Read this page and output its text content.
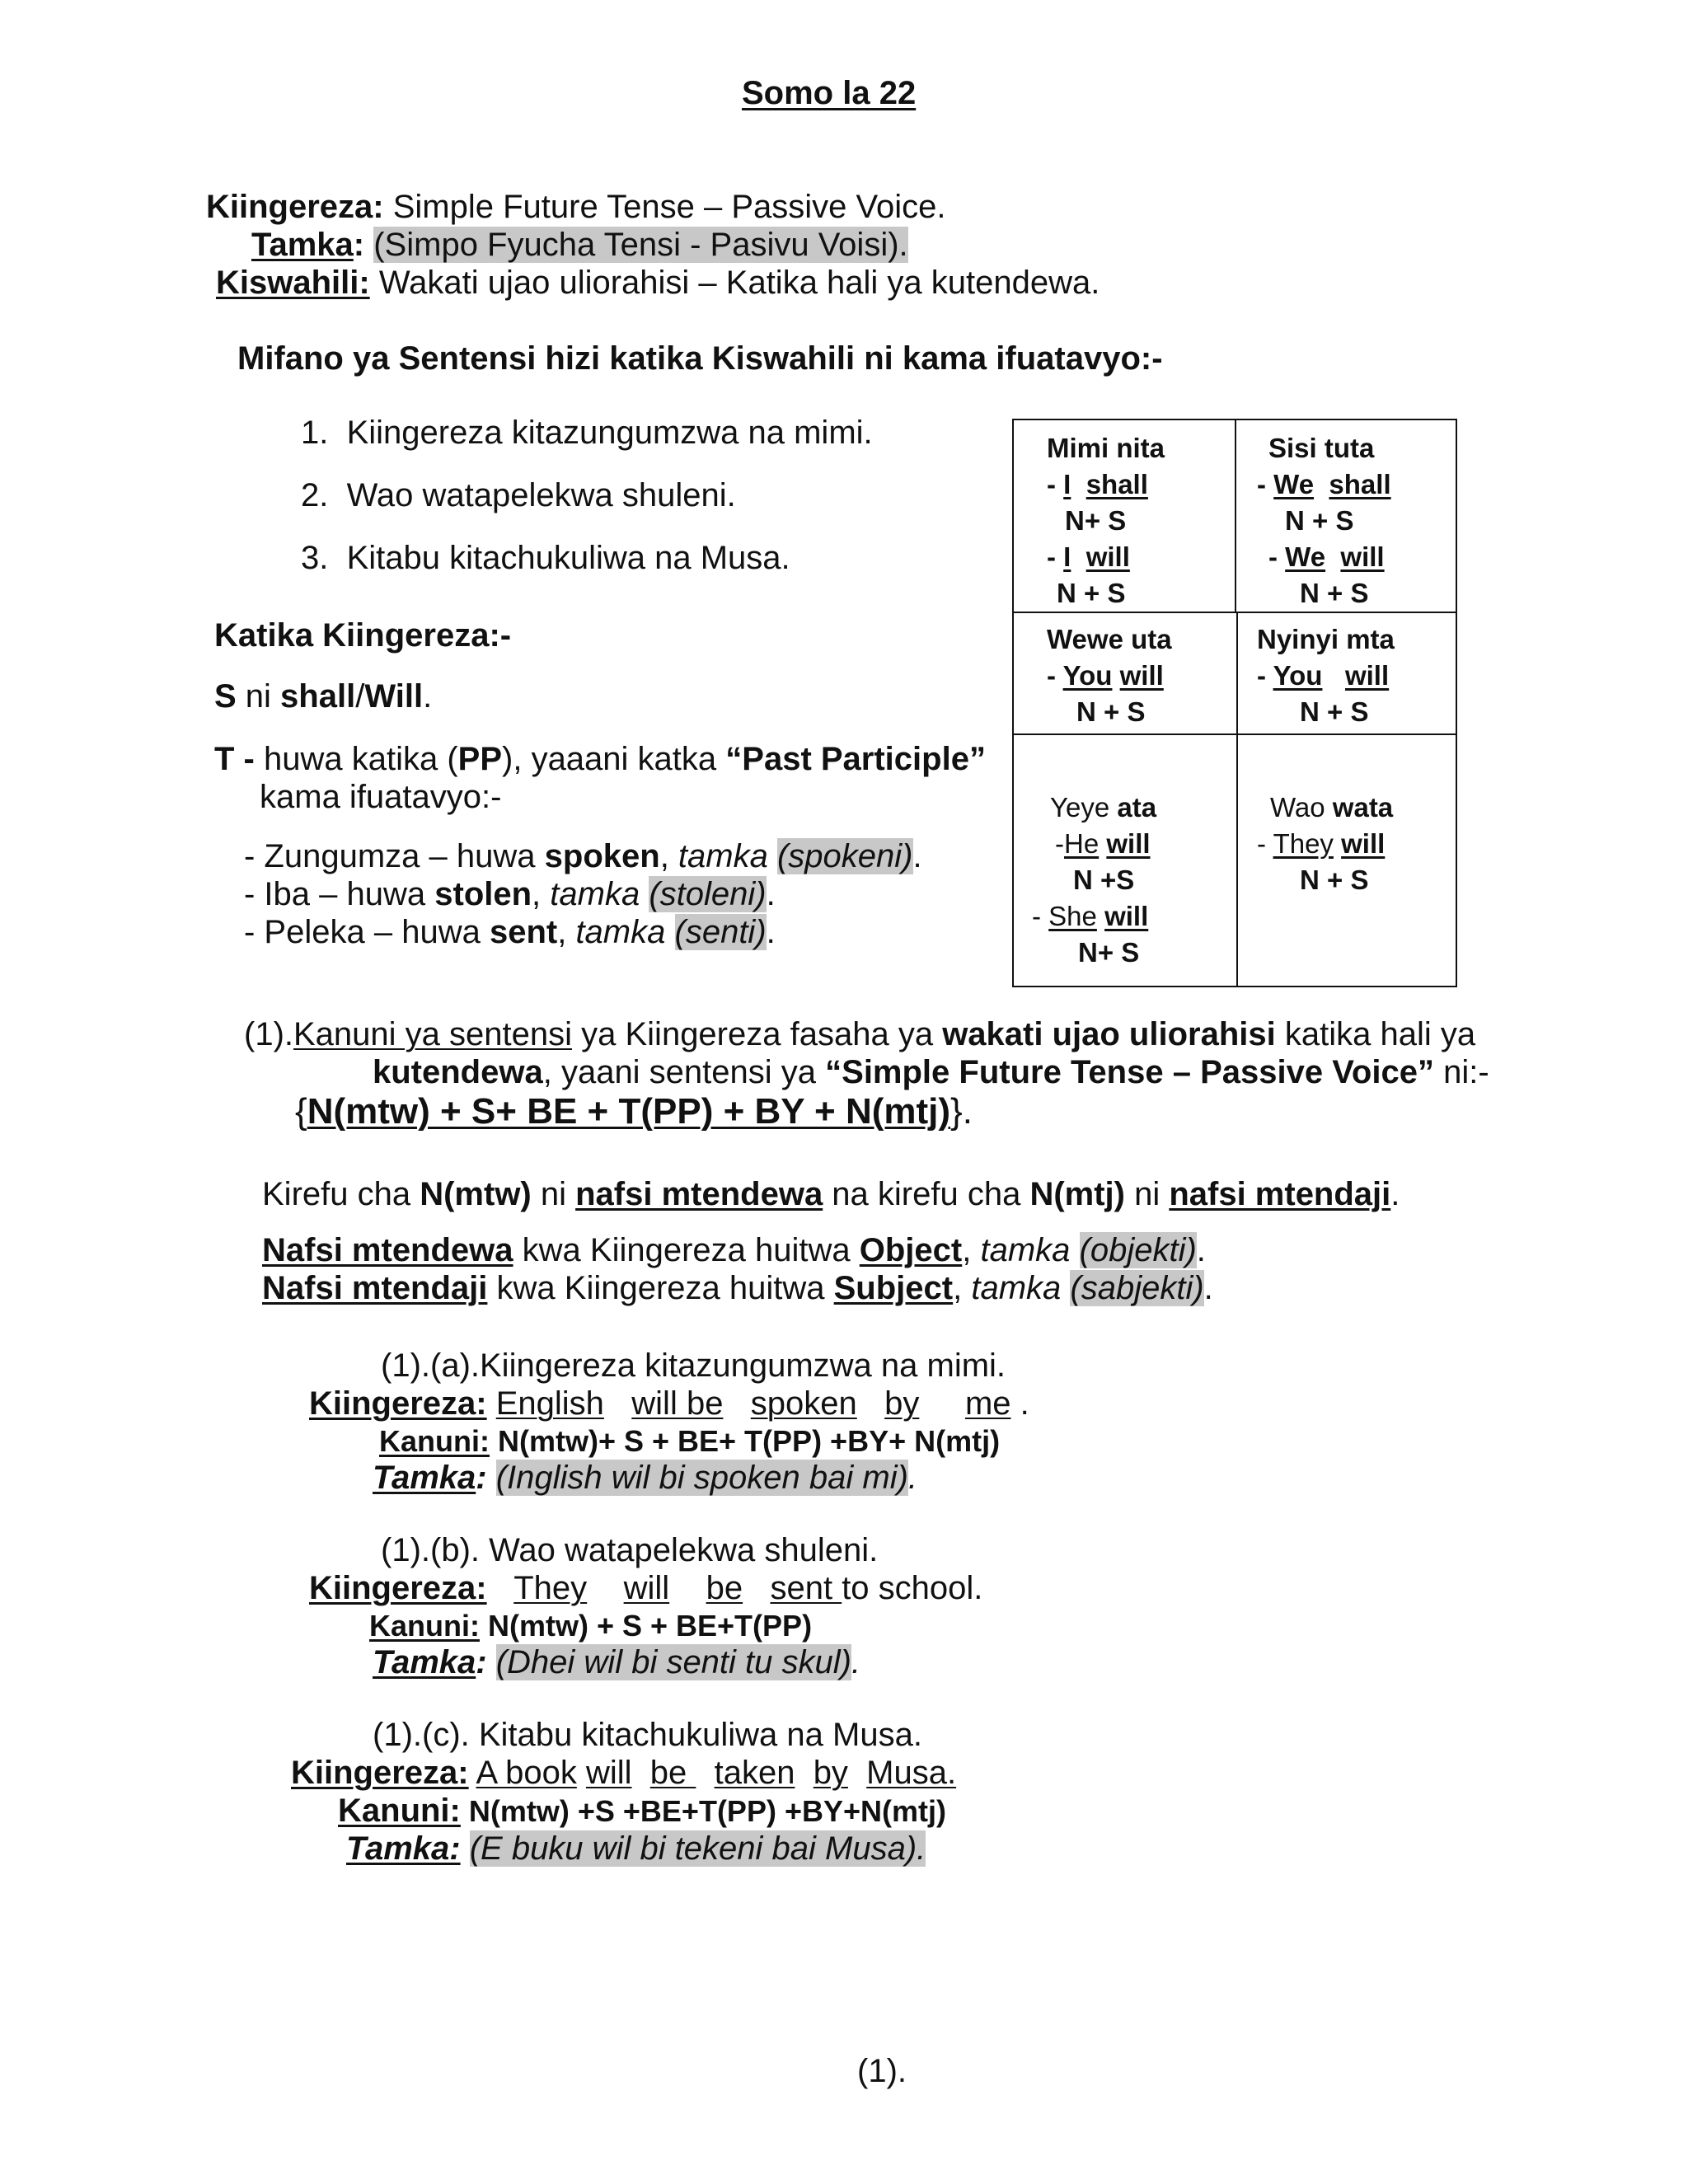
Somo la 22
Kiingereza: Simple Future Tense – Passive Voice.
Tamka: (Simpo Fyucha Tensi - Pasivu Voisi).
Kiswahili: Wakati ujao uliorahisi – Katika hali ya kutendewa.
Mifano ya Sentensi hizi katika Kiswahili ni kama ifuatavyo:-
1. Kiingereza kitazungumzwa na mimi.
2. Wao watapelekwa shuleni.
3. Kitabu kitachukuliwa na Musa.
Katika Kiingereza:-
S ni shall/Will.
T - huwa katika (PP), yaaani katka “Past Participle”
kama ifuatavyo:-
- Zungumza – huwa spoken, tamka (spokeni).
- Iba – huwa stolen, tamka (stoleni).
- Peleka – huwa sent, tamka (senti).
Mimi nita
- I shall
N+ S
- I will
N + S
Sisi tuta
- We shall
N + S
- We will
N + S
Wewe uta
- You will
N + S
Nyinyi mta
- You will
N + S
Yeye ata
-He will
N +S
- She will
N+ S
Wao wata
- They will
N + S
(1).Kanuni ya sentensi ya Kiingereza fasaha ya wakati ujao uliorahisi katika hali ya
kutendewa, yaani sentensi ya “Simple Future Tense – Passive Voice” ni:-
{N(mtw) + S+ BE + T(PP) + BY + N(mtj)}.
Kirefu cha N(mtw) ni nafsi mtendewa na kirefu cha N(mtj) ni nafsi mtendaji.
Nafsi mtendewa kwa Kiingereza huitwa Object, tamka (objekti).
Nafsi mtendaji kwa Kiingereza huitwa Subject, tamka (sabjekti).
(1).(a).Kiingereza kitazungumzwa na mimi.
Kiingereza: English will be spoken by me .
Kanuni: N(mtw)+ S + BE+ T(PP) +BY+ N(mtj)
Tamka: (Inglish wil bi spoken bai mi).
(1).(b). Wao watapelekwa shuleni.
Kiingereza: They will be sent to school.
Kanuni: N(mtw) + S + BE+T(PP)
Tamka: (Dhei wil bi senti tu skul).
(1).(c). Kitabu kitachukuliwa na Musa.
Kiingereza: A book will be   taken by Musa.
Kanuni: N(mtw) +S +BE+T(PP) +BY+N(mtj)
Tamka: (E buku wil bi tekeni bai Musa).
(1).
